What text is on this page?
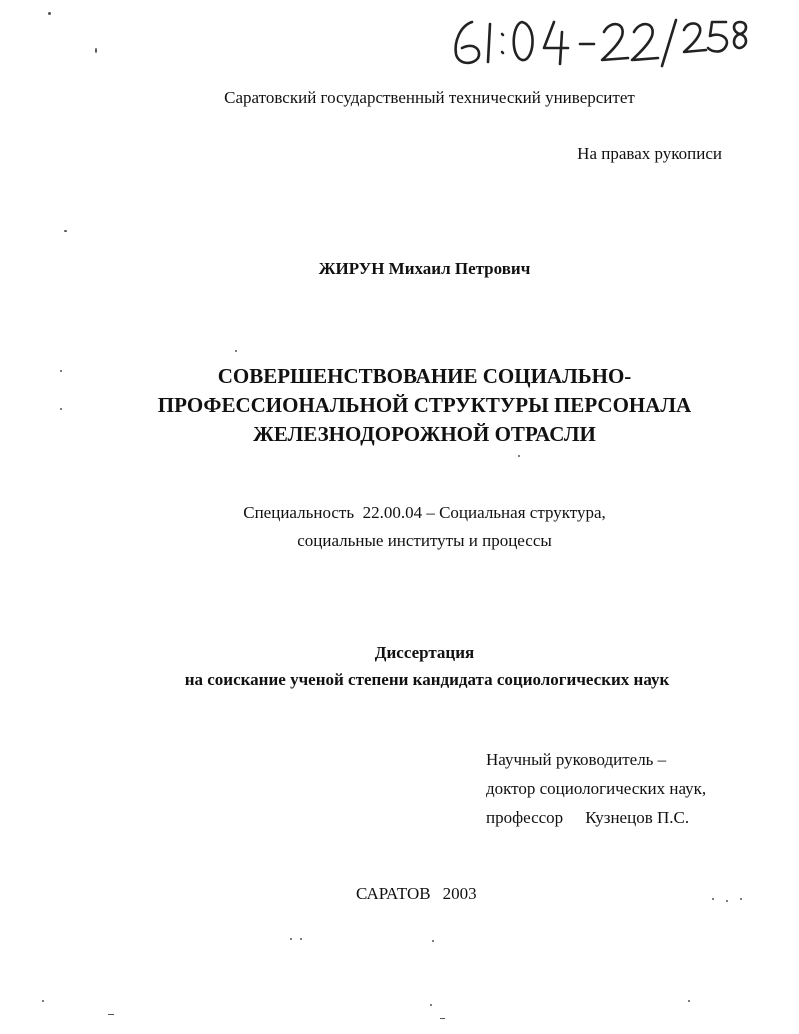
Саратовский государственный технический университет
На правах рукописи
ЖИРУН Михаил Петрович
СОВЕРШЕНСТВОВАНИЕ СОЦИАЛЬНО-
ПРОФЕССИОНАЛЬНОЙ СТРУКТУРЫ ПЕРСОНАЛА
ЖЕЛЕЗНОДОРОЖНОЙ ОТРАСЛИ
Специальность  22.00.04 – Социальная структура,
социальные институты и процессы
Диссертация
на соискание ученой степени кандидата социологических наук
Научный руководитель –
доктор социологических наук,
профессор Кузнецов П.С.
САРАТОВ 2003
